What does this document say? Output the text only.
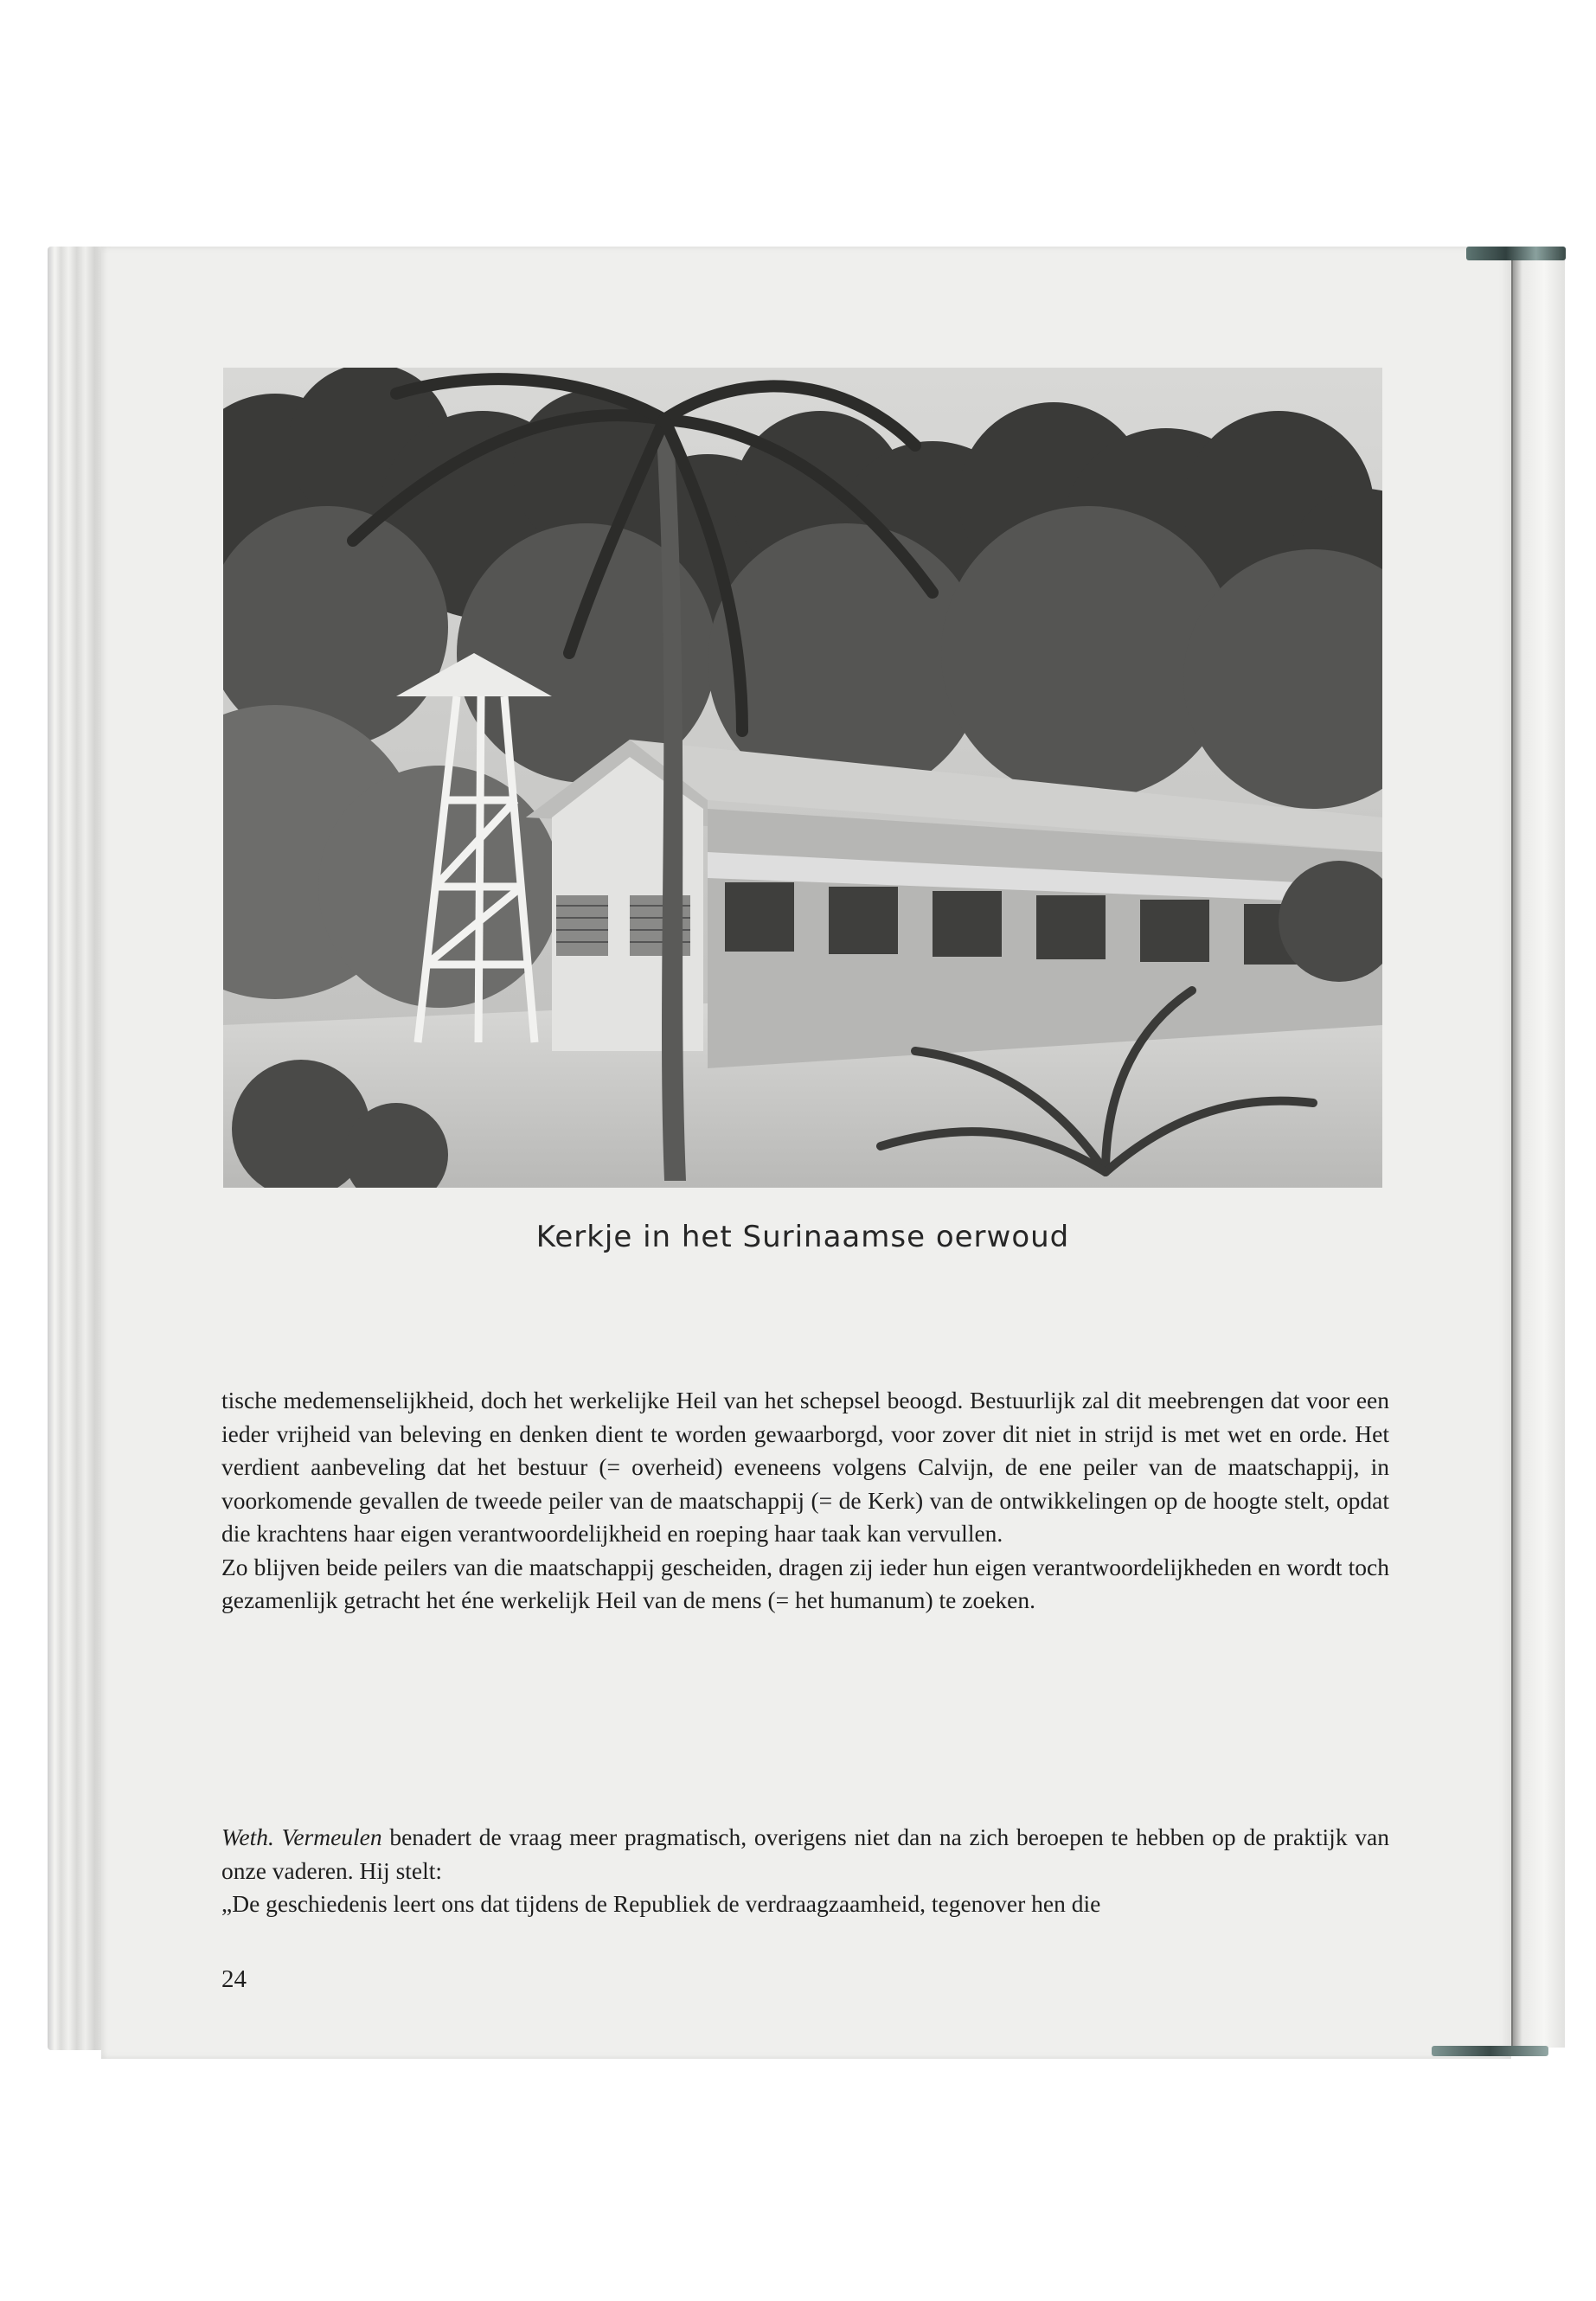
Kerkje in het Surinaamse oerwoud

tische medemenselijkheid, doch het werkelijke Heil van het schepsel beoogd. Bestuurlijk zal dit meebrengen dat voor een ieder vrijheid van beleving en denken dient te worden gewaarborgd, voor zover dit niet in strijd is met wet en orde. Het verdient aanbeveling dat het bestuur (= overheid) eveneens volgens Calvijn, de ene peiler van de maatschappij, in voorkomende gevallen de tweede peiler van de maatschappij (= de Kerk) van de ontwikkelingen op de hoogte stelt, opdat die krachtens haar eigen verantwoordelijkheid en roeping haar taak kan vervullen.

Zo blijven beide peilers van die maatschappij gescheiden, dragen zij ieder hun eigen verantwoordelijkheden en wordt toch gezamenlijk getracht het éne werkelijk Heil van de mens (= het humanum) te zoeken.

Weth. Vermeulen benadert de vraag meer pragmatisch, overigens niet dan na zich beroepen te hebben op de praktijk van onze vaderen. Hij stelt:

„De geschiedenis leert ons dat tijdens de Republiek de verdraagzaamheid, tegenover hen die

24
